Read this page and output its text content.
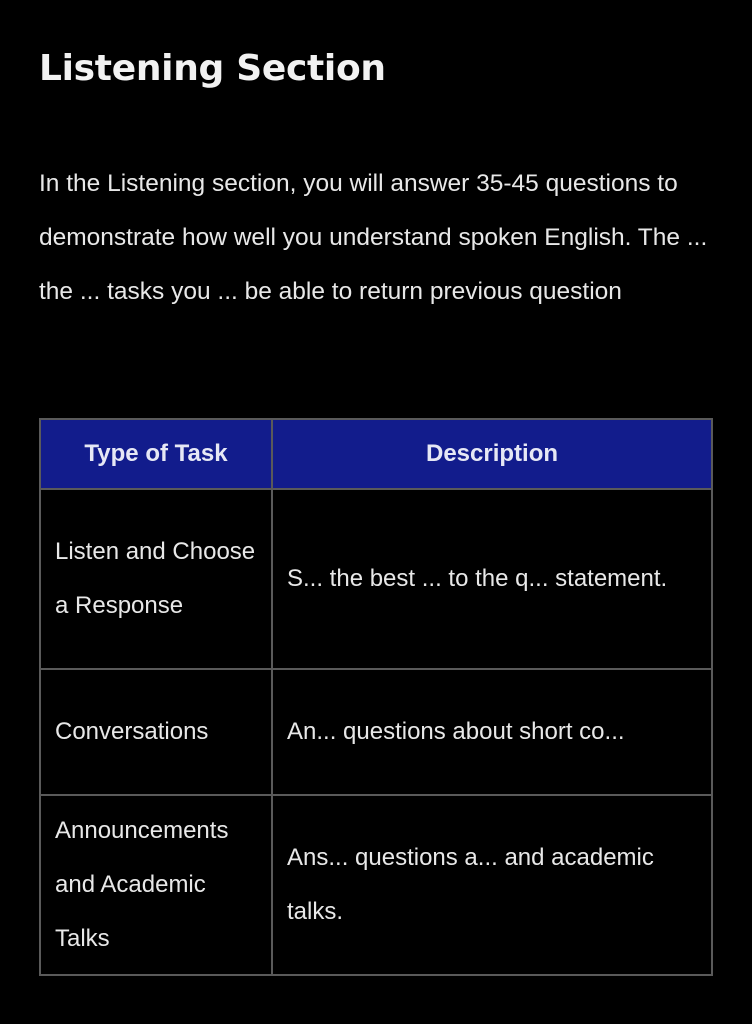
Listening Section

In the Listening section, you will answer 35-45 questions to demonstrate how well you understand spoken English. The ... the ... tasks you ... be able to return previous question

Type of Task	Description
Listen and Choose a Response	S... the best ... to the q... statement.
Conversations	An... questions about short co...
Announcements and Academic Talks	Ans... questions a... and academic talks.
